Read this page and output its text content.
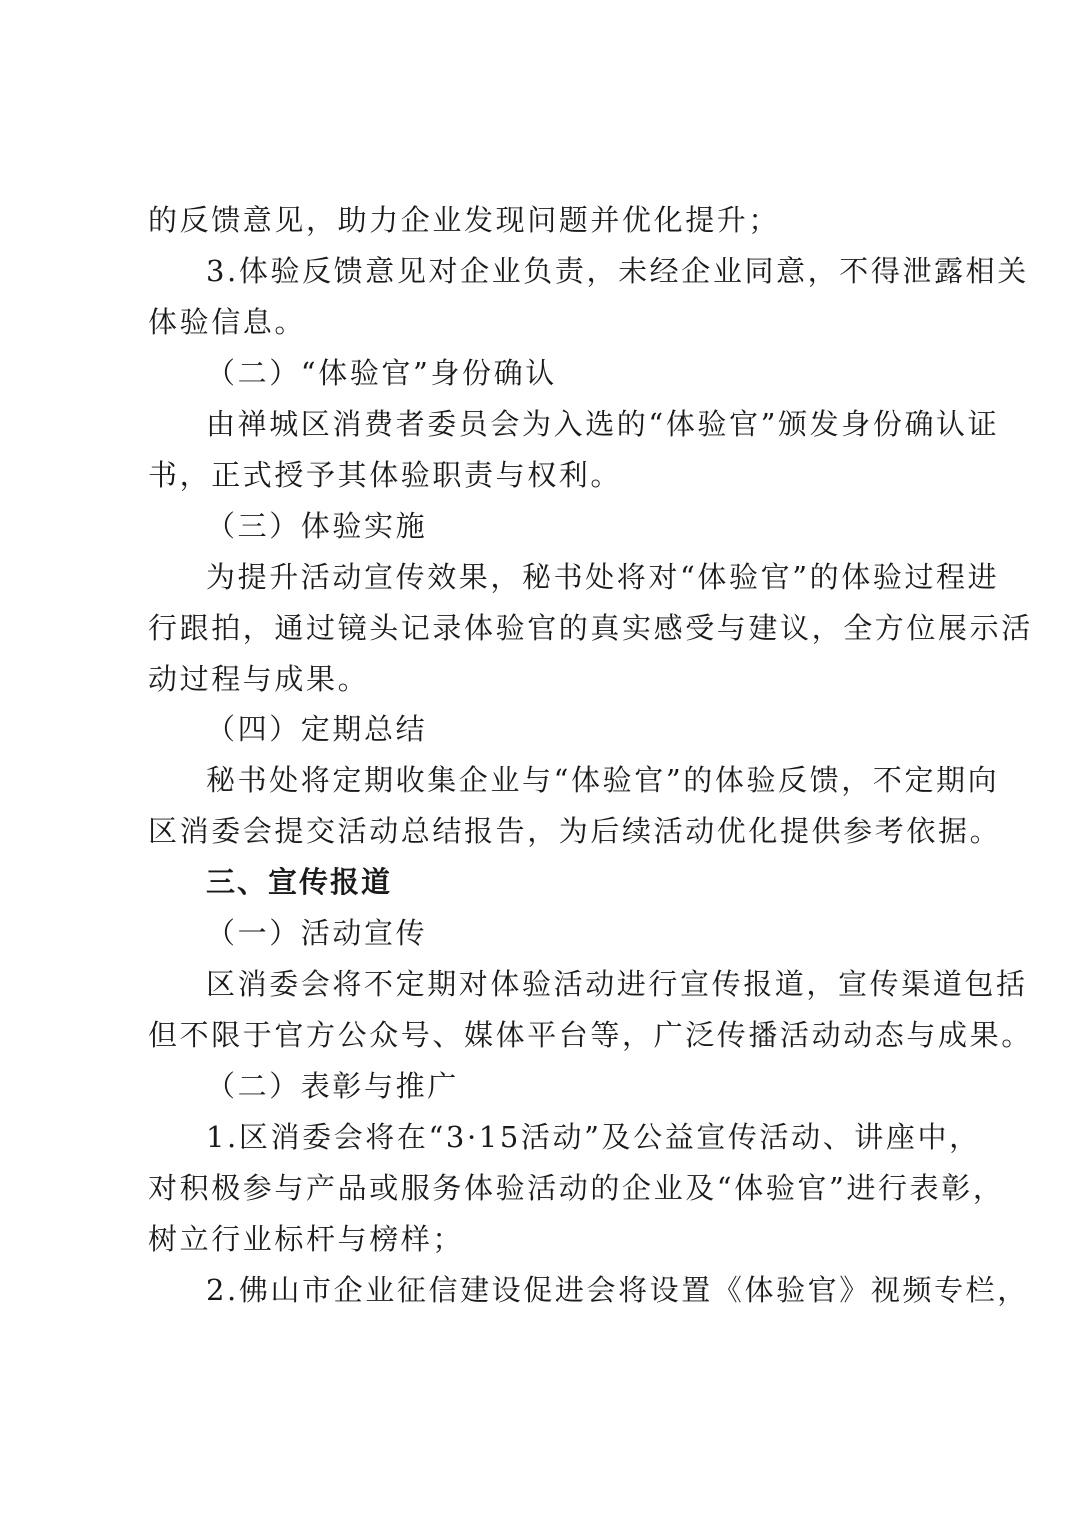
的反馈意见，助力企业发现问题并优化提升；
3.体验反馈意见对企业负责，未经企业同意，不得泄露相关
体验信息。
（二）“体验官”身份确认
由禅城区消费者委员会为入选的“体验官”颁发身份确认证
书，正式授予其体验职责与权利。
（三）体验实施
为提升活动宣传效果，秘书处将对“体验官”的体验过程进
行跟拍，通过镜头记录体验官的真实感受与建议，全方位展示活
动过程与成果。
（四）定期总结
秘书处将定期收集企业与“体验官”的体验反馈，不定期向
区消委会提交活动总结报告，为后续活动优化提供参考依据。
三、宣传报道
（一）活动宣传
区消委会将不定期对体验活动进行宣传报道，宣传渠道包括
但不限于官方公众号、媒体平台等，广泛传播活动动态与成果。
（二）表彰与推广
1.区消委会将在“3·15活动”及公益宣传活动、讲座中，
对积极参与产品或服务体验活动的企业及“体验官”进行表彰，
树立行业标杆与榜样；
2.佛山市企业征信建设促进会将设置《体验官》视频专栏，
